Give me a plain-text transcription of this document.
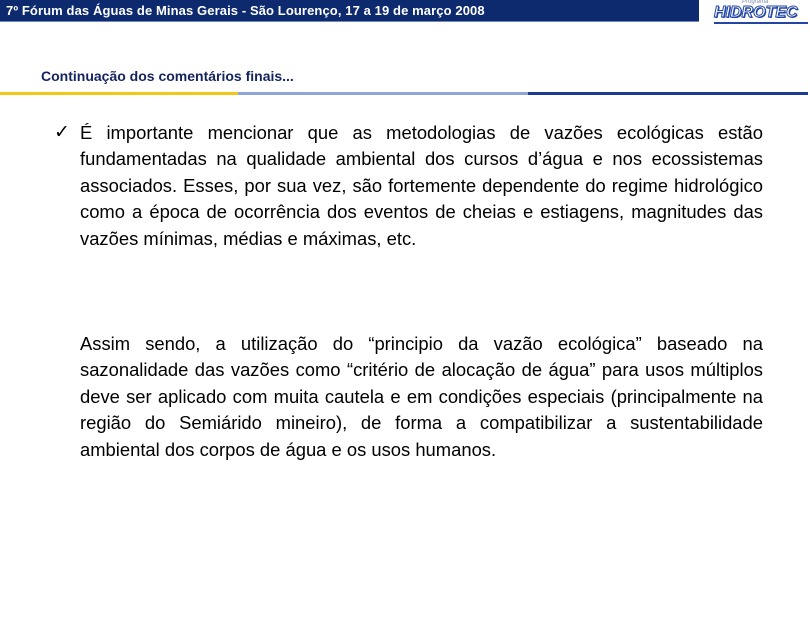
7º Fórum das Águas de Minas Gerais - São Lourenço, 17 a 19 de março 2008
Programa
HIDROTEC
Continuação dos comentários finais...
✓ É importante mencionar que as metodologias de vazões ecológicas estão fundamentadas na qualidade ambiental dos cursos d’água e nos ecossistemas associados. Esses, por sua vez, são fortemente dependente do regime hidrológico como a época de ocorrência dos eventos de cheias e estiagens, magnitudes das vazões mínimas, médias e máximas, etc.
Assim sendo, a utilização do “principio da vazão ecológica” baseado na sazonalidade das vazões como “critério de alocação de água” para usos múltiplos deve ser aplicado com muita cautela e em condições especiais (principalmente na região do Semiárido mineiro), de forma a compatibilizar a sustentabilidade ambiental dos corpos de água e os usos humanos.
